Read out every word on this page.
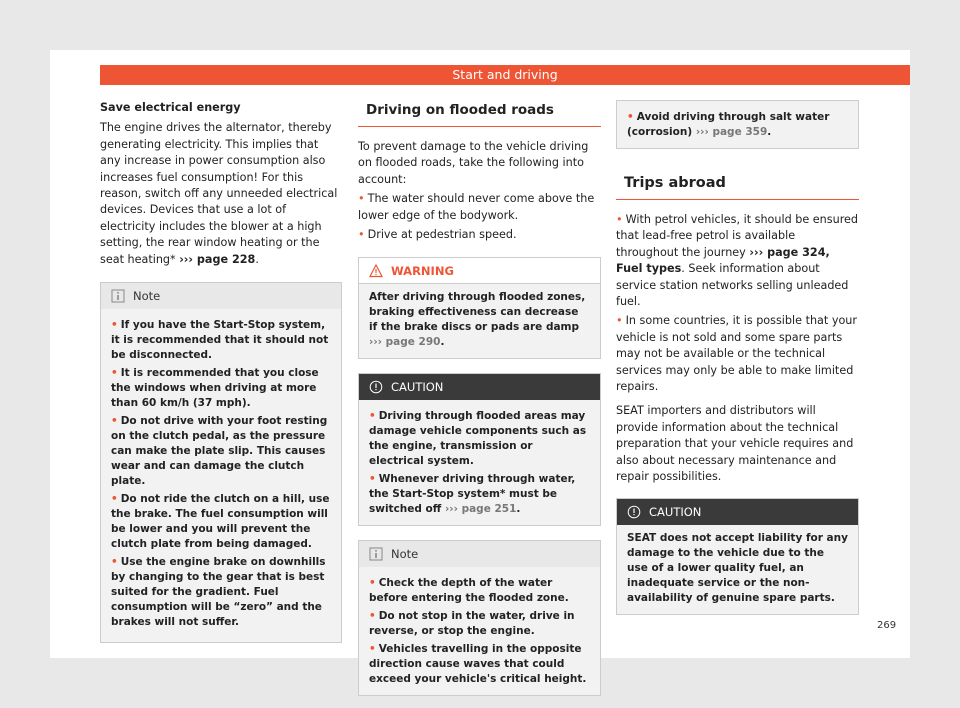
Start and driving

Save electrical energy

The engine drives the alternator, thereby generating electricity. This implies that any increase in power consumption also increases fuel consumption! For this reason, switch off any unneeded electrical devices. Devices that use a lot of electricity includes the blower at a high setting, the rear window heating or the seat heating* ››› page 228.

Note
• If you have the Start-Stop system, it is recommended that it should not be disconnected.
• It is recommended that you close the windows when driving at more than 60 km/h (37 mph).
• Do not drive with your foot resting on the clutch pedal, as the pressure can make the plate slip. This causes wear and can damage the clutch plate.
• Do not ride the clutch on a hill, use the brake. The fuel consumption will be lower and you will prevent the clutch plate from being damaged.
• Use the engine brake on downhills by changing to the gear that is best suited for the gradient. Fuel consumption will be “zero” and the brakes will not suffer.
Driving on flooded roads

To prevent damage to the vehicle driving on flooded roads, take the following into account:

• The water should never come above the lower edge of the bodywork.
• Drive at pedestrian speed.
WARNING

After driving through flooded zones, braking effectiveness can decrease if the brake discs or pads are damp ››› page 290.

CAUTION
• Driving through flooded areas may damage vehicle components such as the engine, transmission or electrical system.
• Whenever driving through water, the Start-Stop system* must be switched off ››› page 251.
Note
• Check the depth of the water before entering the flooded zone.
• Do not stop in the water, drive in reverse, or stop the engine.
• Vehicles travelling in the opposite direction cause waves that could exceed your vehicle's critical height.
• Avoid driving through salt water (corrosion) ››› page 359.
Trips abroad
• With petrol vehicles, it should be ensured that lead-free petrol is available throughout the journey ››› page 324, Fuel types. Seek information about service station networks selling unleaded fuel.
• In some countries, it is possible that your vehicle is not sold and some spare parts may not be available or the technical services may only be able to make limited repairs.

SEAT importers and distributors will provide information about the technical preparation that your vehicle requires and also about necessary maintenance and repair possibilities.

CAUTION

SEAT does not accept liability for any damage to the vehicle due to the use of a lower quality fuel, an inadequate service or the non-availability of genuine spare parts.

269
